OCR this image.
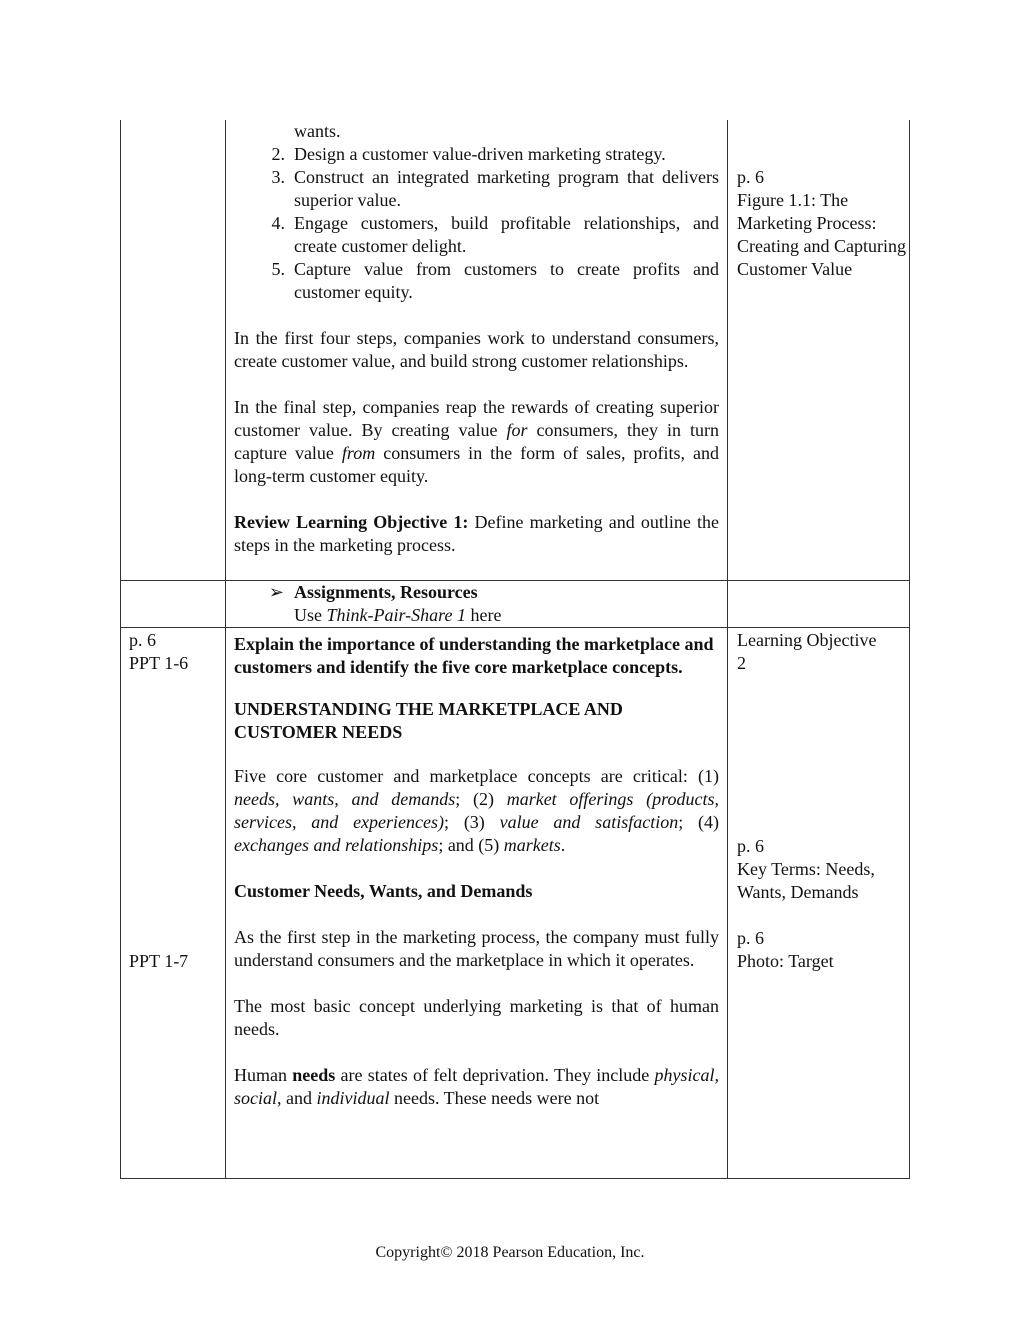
wants.
2. Design a customer value-driven marketing strategy.
3. Construct an integrated marketing program that delivers superior value.
4. Engage customers, build profitable relationships, and create customer delight.
5. Capture value from customers to create profits and customer equity.

In the first four steps, companies work to understand consumers, create customer value, and build strong customer relationships.

In the final step, companies reap the rewards of creating superior customer value. By creating value for consumers, they in turn capture value from consumers in the form of sales, profits, and long-term customer equity.

Review Learning Objective 1: Define marketing and outline the steps in the marketing process.

p. 6

Figure 1.1: The Marketing Process: Creating and Capturing Customer Value

➢ Assignments, Resources

Use Think-Pair-Share 1 here

p. 6

PPT 1-6

PPT 1-7

Explain the importance of understanding the marketplace and customers and identify the five core marketplace concepts.

UNDERSTANDING THE MARKETPLACE AND CUSTOMER NEEDS

Five core customer and marketplace concepts are critical: (1) needs, wants, and demands; (2) market offerings (products, services, and experiences); (3) value and satisfaction; (4) exchanges and relationships; and (5) markets.

Customer Needs, Wants, and Demands

As the first step in the marketing process, the company must fully understand consumers and the marketplace in which it operates.

The most basic concept underlying marketing is that of human needs.

Human needs are states of felt deprivation. They include physical, social, and individual needs. These needs were not

Learning Objective

2

p. 6

Key Terms: Needs, Wants, Demands

p. 6

Photo: Target

Copyright© 2018 Pearson Education, Inc.
